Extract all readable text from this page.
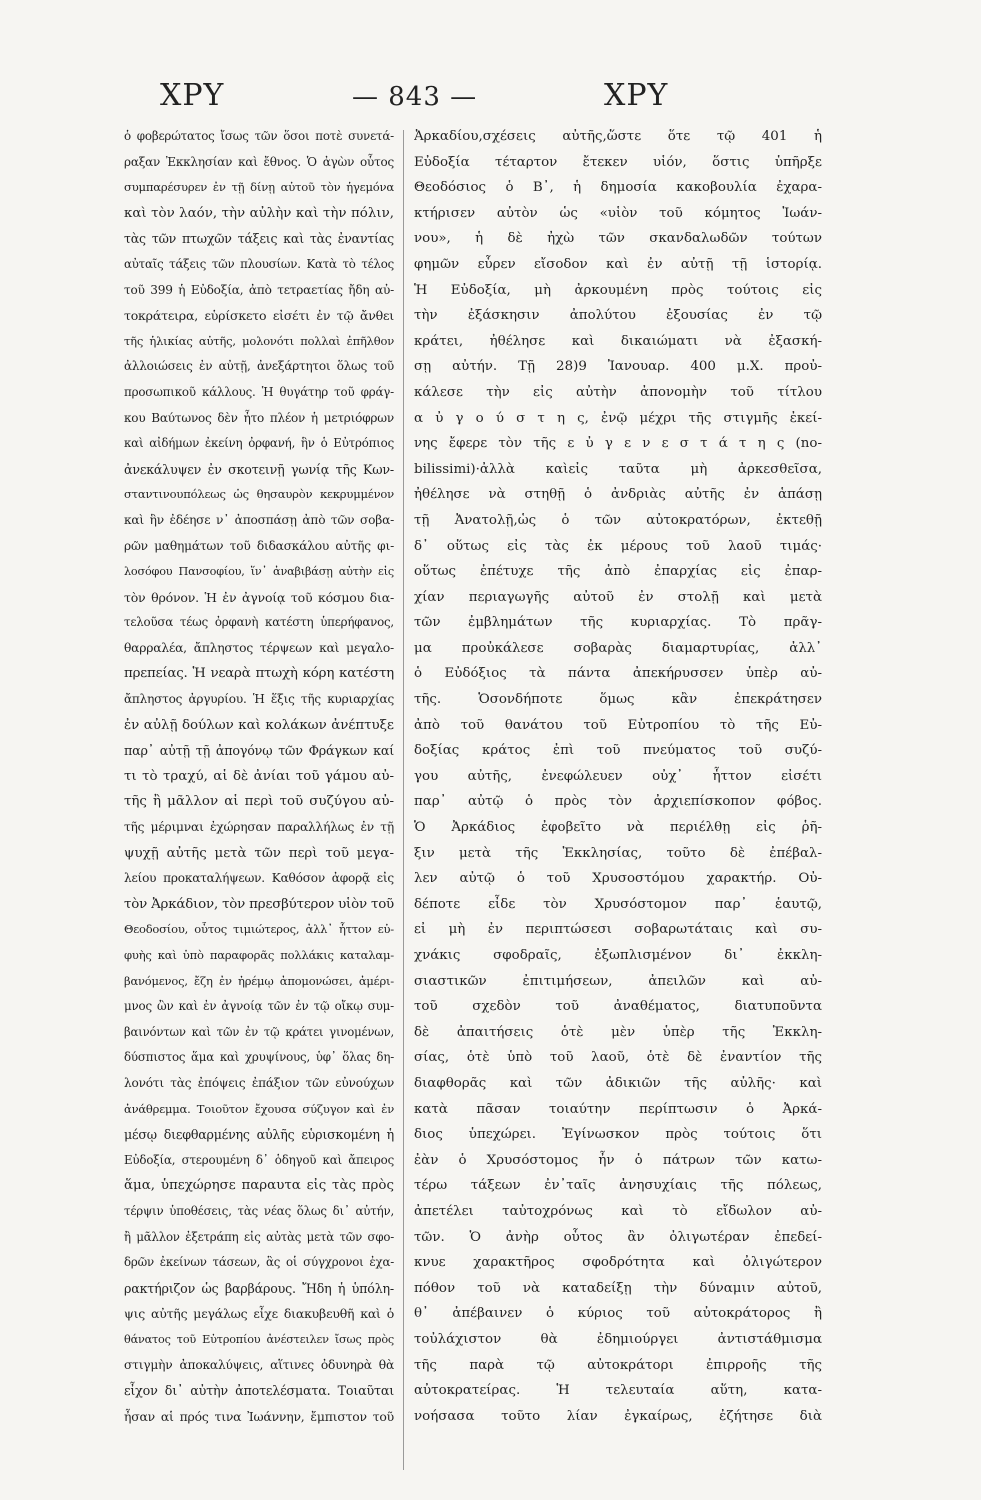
ΧΡΥ	— 843 —	ΧΡΥ
ὁ φοβερώτατος ἴσως τῶν ὅσοι ποτὲ συνετά-
ραξαν Ἐκκλησίαν καὶ ἔθνος. Ὁ ἀγὼν οὗτος
συμπαρέσυρεν ἐν τῇ δίνῃ αὐτοῦ τὸν ἡγεμόνα
καὶ τὸν λαόν, τὴν αὐλὴν καὶ τὴν πόλιν,
τὰς τῶν πτωχῶν τάξεις καὶ τὰς ἐναντίας
αὐταῖς τάξεις τῶν πλουσίων. Κατὰ τὸ τέλος
τοῦ 399 ἡ Εὐδοξία, ἀπὸ τετραετίας ἤδη αὐ-
τοκράτειρα, εὑρίσκετο εἰσέτι ἐν τῷ ἄνθει
τῆς ἡλικίας αὐτῆς, μολονότι πολλαὶ ἐπῆλθον
ἀλλοιώσεις ἐν αὐτῇ, ἀνεξάρτητοι ὅλως τοῦ
προσωπικοῦ κάλλους. Ἡ θυγάτηρ τοῦ φράγ-
κου Βαύτωνος δὲν ἦτο πλέον ἡ μετριόφρων
καὶ αἰδήμων ἐκείνη ὀρφανή, ἣν ὁ Εὐτρόπιος
ἀνεκάλυψεν ἐν σκοτεινῇ γωνίᾳ τῆς Κων-
σταντινουπόλεως ὡς θησαυρὸν κεκρυμμένον
καὶ ἣν ἐδέησε ν᾿ ἀποσπάσῃ ἀπὸ τῶν σοβα-
ρῶν μαθημάτων τοῦ διδασκάλου αὐτῆς φι-
λοσόφου Πανσοφίου, ἵν᾿ ἀναβιβάσῃ αὐτὴν εἰς
τὸν θρόνον. Ἡ ἐν ἀγνοίᾳ τοῦ κόσμου δια-
τελοῦσα τέως ὀρφανὴ κατέστη ὑπερήφανος,
θαρραλέα, ἄπληστος τέρψεων καὶ μεγαλο-
πρεπείας. Ἡ νεαρὰ πτωχὴ κόρη κατέστη
ἄπληστος ἀργυρίου. Ἡ ἕξις τῆς κυριαρχίας
ἐν αὐλῇ δούλων καὶ κολάκων ἀνέπτυξε
παρ᾿ αὐτῇ τῇ ἀπογόνῳ τῶν Φράγκων καί
τι τὸ τραχύ, αἱ δὲ ἀνίαι τοῦ γάμου αὐ-
τῆς ἢ μᾶλλον αἱ περὶ τοῦ συζύγου αὐ-
τῆς μέριμναι ἐχώρησαν παραλλήλως ἐν τῇ
ψυχῇ αὐτῆς μετὰ τῶν περὶ τοῦ μεγα-
λείου προκαταλήψεων. Καθόσον ἀφορᾷ εἰς
τὸν Ἀρκάδιον, τὸν πρεσβύτερον υἱὸν τοῦ
Θεοδοσίου, οὗτος τιμιώτερος, ἀλλ᾿ ἧττον εὐ-
φυὴς καὶ ὑπὸ παραφορᾶς πολλάκις καταλαμ-
βανόμενος, ἔζη ἐν ἠρέμῳ ἀπομονώσει, ἀμέρι-
μνος ὢν καὶ ἐν ἀγνοίᾳ τῶν ἐν τῷ οἴκῳ συμ-
βαινόντων καὶ τῶν ἐν τῷ κράτει γινομένων,
δύσπιστος ἅμα καὶ χρυψίνους, ὑφ᾿ ὅλας δη-
λονότι τὰς ἐπόψεις ἐπάξιον τῶν εὐνούχων
ἀνάθρεμμα. Τοιοῦτον ἔχουσα σύζυγον καὶ ἐν
μέσῳ διεφθαρμένης αὐλῆς εὑρισκομένη ἡ
Εὐδοξία, στερουμένη δ᾿ ὁδηγοῦ καὶ ἄπειρος
ἅμα, ὑπεχώρησε παραυτα εἰς τὰς πρὸς
τέρψιν ὑποθέσεις, τὰς νέας ὅλως δι᾿ αὐτήν,
ἢ μᾶλλον ἐξετράπη εἰς αὐτὰς μετὰ τῶν σφο-
δρῶν ἐκείνων τάσεων, ἃς οἱ σύγχρονοι ἐχα-
ρακτήριζον ὡς βαρβάρους. Ἤδη ἡ ὑπόλη-
ψις αὐτῆς μεγάλως εἶχε διακυβευθῆ καὶ ὁ
θάνατος τοῦ Εὐτροπίου ἀνέστειλεν ἴσως πρὸς
στιγμὴν ἀποκαλύψεις, αἵτινες ὀδυνηρὰ θὰ
εἶχον δι᾿ αὐτὴν ἀποτελέσματα. Τοιαῦται
ἦσαν αἱ πρός τινα Ἰωάννην, ἔμπιστον τοῦ
Ἀρκαδίου,σχέσεις αὐτῆς,ὥστε ὅτε τῷ 401 ἡ
Εὐδοξία τέταρτον ἔτεκεν υἱόν, ὅστις ὑπῆρξε
Θεοδόσιος ὁ Β᾿, ἡ δημοσία κακοβουλία ἐχαρα-
κτήρισεν αὐτὸν ὡς «υἱὸν τοῦ κόμητος Ἰωάν-
νου», ἡ δὲ ἠχὼ τῶν σκανδαλωδῶν τούτων
φημῶν εὗρεν εἴσοδον καὶ ἐν αὐτῇ τῇ ἱστορίᾳ.
Ἡ Εὐδοξία, μὴ ἀρκουμένη πρὸς τούτοις εἰς
τὴν ἐξάσκησιν ἀπολύτου ἐξουσίας ἐν τῷ
κράτει, ἠθέλησε καὶ δικαιώματι νὰ ἐξασκή-
σῃ αὐτήν. Τῇ 28)9 Ἰανουαρ. 400 μ.Χ. προὐ-
κάλεσε τὴν εἰς αὐτὴν ἀπονομὴν τοῦ τίτλου
α ὐ γ ο ύ σ τ η ς, ἐνῷ μέχρι τῆς στιγμῆς ἐκεί-
νης ἔφερε τὸν τῆς ε ὐ γ ε ν ε σ τ ά τ η ς (no-
bilissimi)·ἀλλὰ καὶεἰς ταῦτα μὴ ἀρκεσθεῖσα,
ἠθέλησε νὰ στηθῇ ὁ ἀνδριὰς αὐτῆς ἐν ἁπάσῃ
τῇ Ἀνατολῇ,ὡς ὁ τῶν αὐτοκρατόρων, ἐκτεθῇ
δ᾿ οὕτως εἰς τὰς ἐκ μέρους τοῦ λαοῦ τιμάς·
οὕτως ἐπέτυχε τῆς ἀπὸ ἐπαρχίας εἰς ἐπαρ-
χίαν περιαγωγῆς αὐτοῦ ἐν στολῇ καὶ μετὰ
τῶν ἐμβλημάτων τῆς κυριαρχίας. Τὸ πρᾶγ-
μα προὐκάλεσε σοβαρὰς διαμαρτυρίας, ἀλλ᾿
ὁ Εὐδόξιος τὰ πάντα ἀπεκήρυσσεν ὑπὲρ αὐ-
τῆς. Ὁσονδήποτε ὅμως κἂν ἐπεκράτησεν
ἀπὸ τοῦ θανάτου τοῦ Εὐτροπίου τὸ τῆς Εὐ-
δοξίας κράτος ἐπὶ τοῦ πνεύματος τοῦ συζύ-
γου αὐτῆς, ἐνεφώλευεν οὐχ᾿ ἧττον εἰσέτι
παρ᾿ αὐτῷ ὁ πρὸς τὸν ἀρχιεπίσκοπον φόβος.
Ὁ Ἀρκάδιος ἐφοβεῖτο νὰ περιέλθῃ εἰς ῥῆ-
ξιν μετὰ τῆς Ἐκκλησίας, τοῦτο δὲ ἐπέβαλ-
λεν αὐτῷ ὁ τοῦ Χρυσοστόμου χαρακτήρ. Οὐ-
δέποτε εἶδε τὸν Χρυσόστομον παρ᾿ ἑαυτῷ,
εἰ μὴ ἐν περιπτώσεσι σοβαρωτάταις καὶ συ-
χνάκις σφοδραῖς, ἐξωπλισμένον δι᾿ ἐκκλη-
σιαστικῶν ἐπιτιμήσεων, ἀπειλῶν καὶ αὐ-
τοῦ σχεδὸν τοῦ ἀναθέματος, διατυποῦντα
δὲ ἀπαιτήσεις ὁτὲ μὲν ὑπὲρ τῆς Ἐκκλη-
σίας, ὁτὲ ὑπὸ τοῦ λαοῦ, ὁτὲ δὲ ἐναντίον τῆς
διαφθορᾶς καὶ τῶν ἀδικιῶν τῆς αὐλῆς· καὶ
κατὰ πᾶσαν τοιαύτην περίπτωσιν ὁ Ἀρκά-
διος ὑπεχώρει. Ἐγίνωσκον πρὸς τούτοις ὅτι
ἐὰν ὁ Χρυσόστομος ἦν ὁ πάτρων τῶν κατω-
τέρω τάξεων ἐν᾿ταῖς ἀνησυχίαις τῆς πόλεως,
ἀπετέλει ταὐτοχρόνως καὶ τὸ εἴδωλον αὐ-
τῶν. Ὁ ἀνὴρ οὗτος ἂν ὀλιγωτέραν ἐπεδεί-
κνυε χαρακτῆρος σφοδρότητα καὶ ὀλιγώτερον
πόθον τοῦ νὰ καταδείξῃ τὴν δύναμιν αὐτοῦ,
θ᾿ ἀπέβαινεν ὁ κύριος τοῦ αὐτοκράτορος ἢ
τοὐλάχιστον θὰ ἐδημιούργει ἀντιστάθμισμα
τῆς παρὰ τῷ αὐτοκράτορι ἐπιρροῆς τῆς
αὐτοκρατείρας. Ἡ τελευταία αὕτη, κατα-
νοήσασα τοῦτο λίαν ἐγκαίρως, ἐζήτησε διὰ
